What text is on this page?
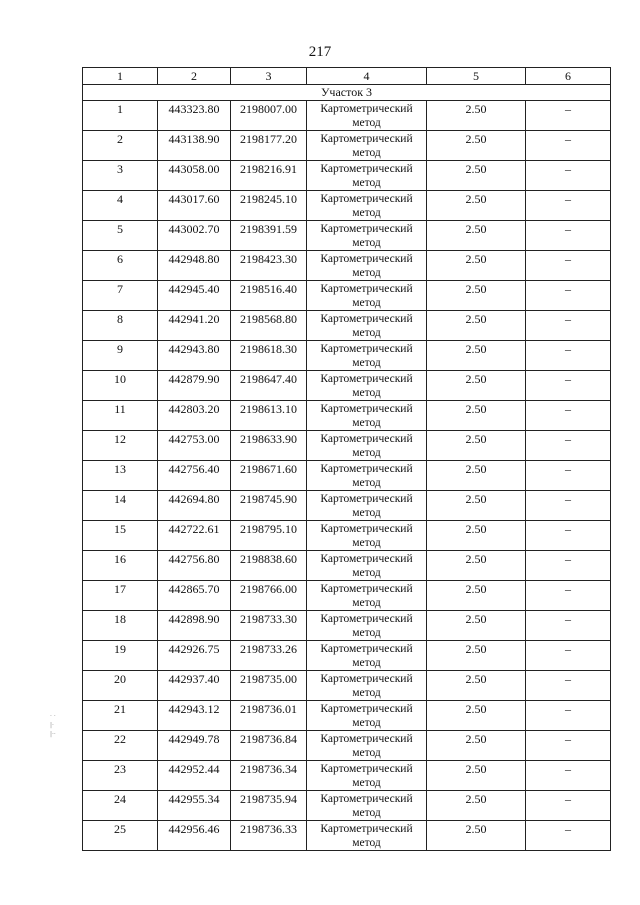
217
1	2	3	4	5	6
Участок 3					
1	443323.80	2198007.00	Картометрический метод	2.50	–
2	443138.90	2198177.20	Картометрический метод	2.50	–
3	443058.00	2198216.91	Картометрический метод	2.50	–
4	443017.60	2198245.10	Картометрический метод	2.50	–
5	443002.70	2198391.59	Картометрический метод	2.50	–
6	442948.80	2198423.30	Картометрический метод	2.50	–
7	442945.40	2198516.40	Картометрический метод	2.50	–
8	442941.20	2198568.80	Картометрический метод	2.50	–
9	442943.80	2198618.30	Картометрический метод	2.50	–
10	442879.90	2198647.40	Картометрический метод	2.50	–
11	442803.20	2198613.10	Картометрический метод	2.50	–
12	442753.00	2198633.90	Картометрический метод	2.50	–
13	442756.40	2198671.60	Картометрический метод	2.50	–
14	442694.80	2198745.90	Картометрический метод	2.50	–
15	442722.61	2198795.10	Картометрический метод	2.50	–
16	442756.80	2198838.60	Картометрический метод	2.50	–
17	442865.70	2198766.00	Картометрический метод	2.50	–
18	442898.90	2198733.30	Картометрический метод	2.50	–
19	442926.75	2198733.26	Картометрический метод	2.50	–
20	442937.40	2198735.00	Картометрический метод	2.50	–
21	442943.12	2198736.01	Картометрический метод	2.50	–
22	442949.78	2198736.84	Картометрический метод	2.50	–
23	442952.44	2198736.34	Картометрический метод	2.50	–
24	442955.34	2198735.94	Картометрический метод	2.50	–
25	442956.46	2198736.33	Картометрический метод	2.50	–
· ·
|·
|··
